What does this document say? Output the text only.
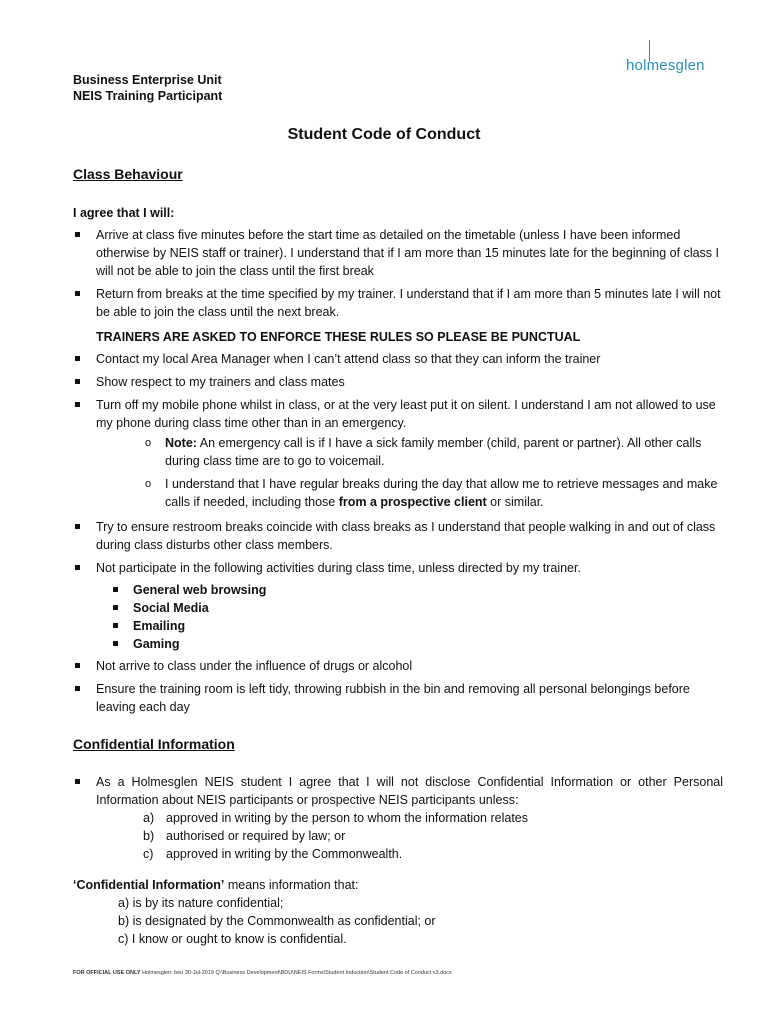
holmesglen
Business Enterprise Unit
NEIS Training Participant
Student Code of Conduct
Class Behaviour
I agree that I will:
Arrive at class five minutes before the start time as detailed on the timetable (unless I have been informed otherwise by NEIS staff or trainer). I understand that if I am more than 15 minutes late for the beginning of class I will not be able to join the class until the first break
Return from breaks at the time specified by my trainer. I understand that if I am more than 5 minutes late I will not be able to join the class until the next break.
TRAINERS ARE ASKED TO ENFORCE THESE RULES SO PLEASE BE PUNCTUAL
Contact my local Area Manager when I can’t attend class so that they can inform the trainer
Show respect to my trainers and class mates
Turn off my mobile phone whilst in class, or at the very least put it on silent. I understand I am not allowed to use my phone during class time other than in an emergency.
o Note: An emergency call is if I have a sick family member (child, parent or partner). All other calls during class time are to go to voicemail.
o I understand that I have regular breaks during the day that allow me to retrieve messages and make calls if needed, including those from a prospective client or similar.
Try to ensure restroom breaks coincide with class breaks as I understand that people walking in and out of class during class disturbs other class members.
Not participate in the following activities during class time, unless directed by my trainer.
General web browsing
Social Media
Emailing
Gaming
Not arrive to class under the influence of drugs or alcohol
Ensure the training room is left tidy, throwing rubbish in the bin and removing all personal belongings before leaving each day
Confidential Information
As a Holmesglen NEIS student I agree that I will not disclose Confidential Information or other Personal Information about NEIS participants or prospective NEIS participants unless:
a) approved in writing by the person to whom the information relates
b) authorised or required by law; or
c) approved in writing by the Commonwealth.
‘Confidential Information’ means information that:
a) is by its nature confidential;
b) is designated by the Commonwealth as confidential; or
c) I know or ought to know is confidential.
FOR OFFICIAL USE ONLY Holmesglen: beu 30-Jul-2019 Q:\Business Development\BDU\NEIS Forms\Student Induction\Student Code of Conduct v3.docx
